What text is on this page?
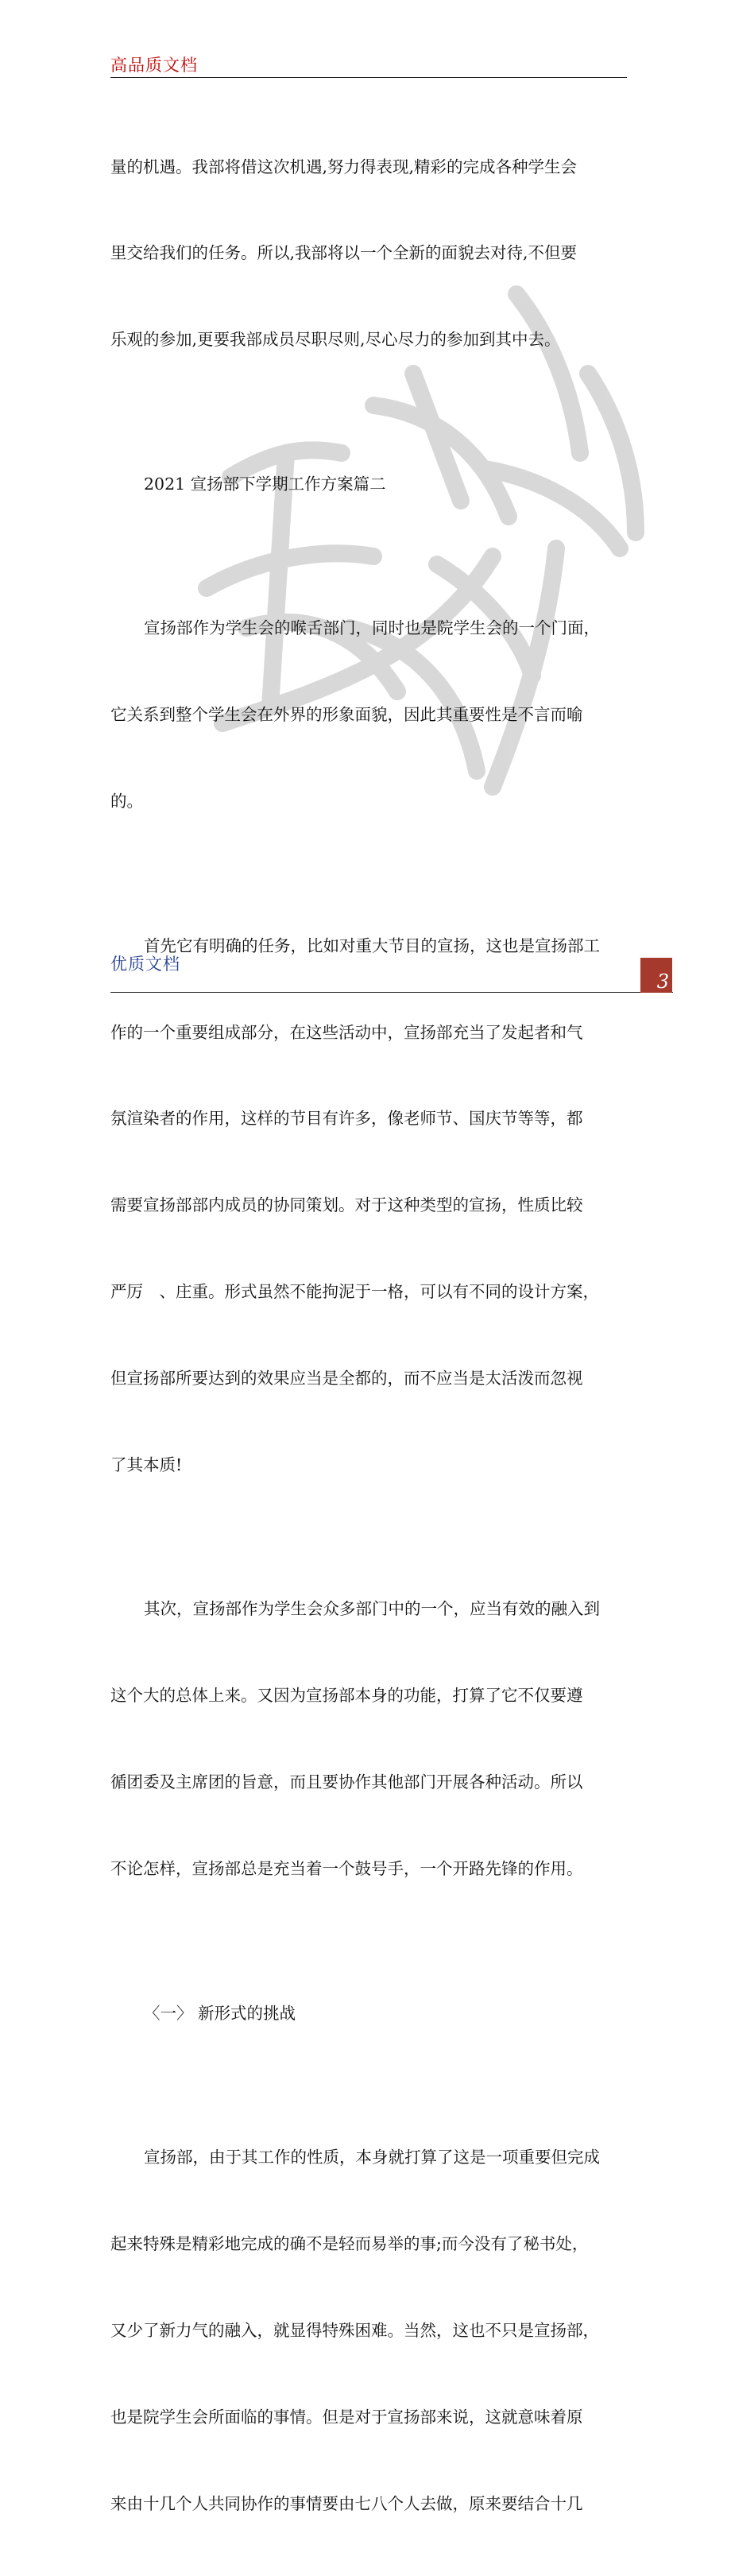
高品质文档

量的机遇。我部将借这次机遇,努力得表现,精彩的完成各种学生会

里交给我们的任务。所以,我部将以一个全新的面貌去对待,不但要

乐观的参加,更要我部成员尽职尽则,尽心尽力的参加到其中去。

2021 宣扬部下学期工作方案篇二

宣扬部作为学生会的喉舌部门，同时也是院学生会的一个门面，

它关系到整个学生会在外界的形象面貌，因此其重要性是不言而喻

的。

首先它有明确的任务，比如对重大节目的宣扬，这也是宣扬部工

作的一个重要组成部分，在这些活动中，宣扬部充当了发起者和气

氛渲染者的作用，这样的节目有许多，像老师节、国庆节等等，都

需要宣扬部部内成员的协同策划。对于这种类型的宣扬，性质比较

严厉　、庄重。形式虽然不能拘泥于一格，可以有不同的设计方案，

但宣扬部所要达到的效果应当是全都的，而不应当是太活泼而忽视

了其本质!

其次，宣扬部作为学生会众多部门中的一个，应当有效的融入到

这个大的总体上来。又因为宣扬部本身的功能，打算了它不仅要遵

循团委及主席团的旨意，而且要协作其他部门开展各种活动。所以

不论怎样，宣扬部总是充当着一个鼓号手，一个开路先锋的作用。

〈一〉 新形式的挑战

宣扬部，由于其工作的性质，本身就打算了这是一项重要但完成

起来特殊是精彩地完成的确不是轻而易举的事;而今没有了秘书处，

又少了新力气的融入，就显得特殊困难。当然，这也不只是宣扬部，

也是院学生会所面临的事情。但是对于宣扬部来说，这就意味着原

来由十几个人共同协作的事情要由七八个人去做，原来要结合十几

优质文档
3
